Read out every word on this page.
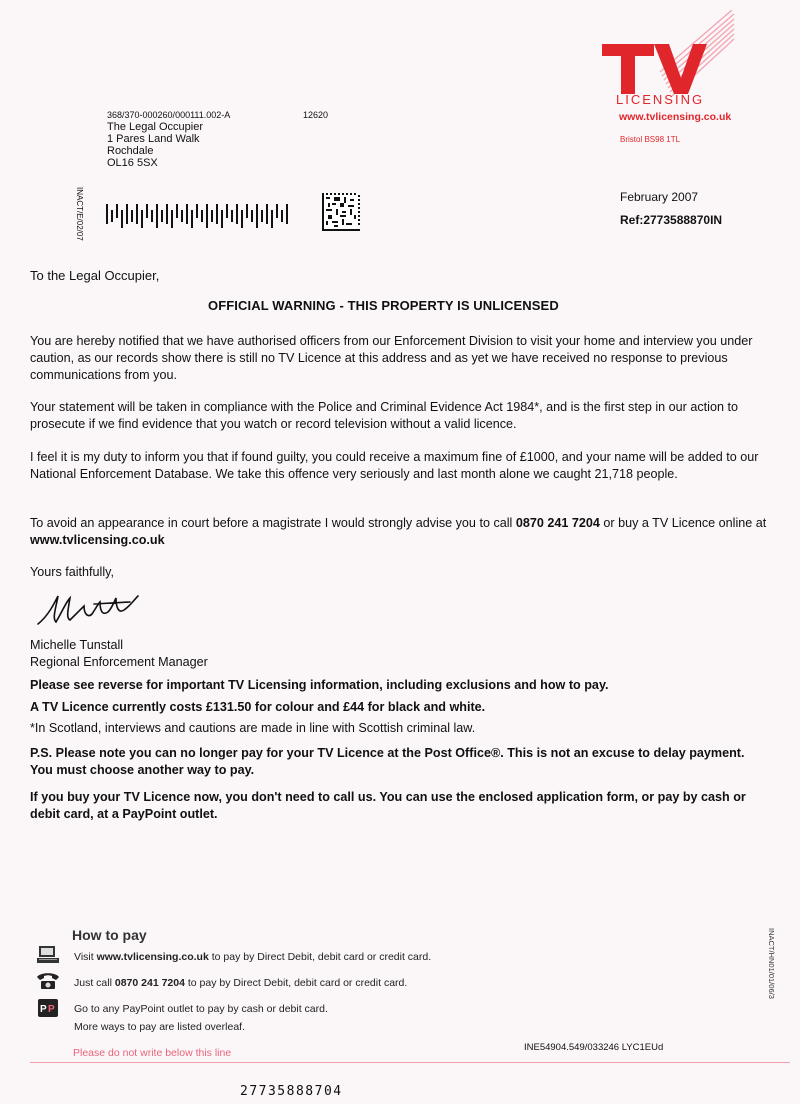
LICENSING
www.tvlicensing.co.uk
Bristol BS98 1TL
INACT/E/02/07
368/370-000260/000111.002-A	12620
The Legal Occupier
1 Pares Land Walk
Rochdale
OL16 5SX
February 2007
Ref:2773588870IN
To the Legal Occupier,
OFFICIAL WARNING - THIS PROPERTY IS UNLICENSED

You are hereby notified that we have authorised officers from our Enforcement Division to visit your home and interview you under caution, as our records show there is still no TV Licence at this address and as yet we have received no response to previous communications from you.

Your statement will be taken in compliance with the Police and Criminal Evidence Act 1984*, and is the first step in our action to prosecute if we find evidence that you watch or record television without a valid licence.

I feel it is my duty to inform you that if found guilty, you could receive a maximum fine of £1000, and your name will be added to our National Enforcement Database. We take this offence very seriously and last month alone we caught 21,718 people.

To avoid an appearance in court before a magistrate I would strongly advise you to call 0870 241 7204 or buy a TV Licence online at www.tvlicensing.co.uk

Yours faithfully,
Michelle Tunstall
Regional Enforcement Manager
Please see reverse for important TV Licensing information, including exclusions and how to pay.
A TV Licence currently costs £131.50 for colour and £44 for black and white.
*In Scotland, interviews and cautions are made in line with Scottish criminal law.
P.S. Please note you can no longer pay for your TV Licence at the Post Office®. This is not an excuse to delay payment. You must choose another way to pay.
If you buy your TV Licence now, you don't need to call us. You can use the enclosed application form, or pay by cash or debit card, at a PayPoint outlet.
How to pay
Visit www.tvlicensing.co.uk to pay by Direct Debit, debit card or credit card.
Just call 0870 241 7204 to pay by Direct Debit, debit card or credit card.
P P Go to any PayPoint outlet to pay by cash or debit card.
More ways to pay are listed overleaf.
INACT/HN01/01/06/3
Please do not write below this line	INE54904.549/033246 LYC1EUd
27735888704
